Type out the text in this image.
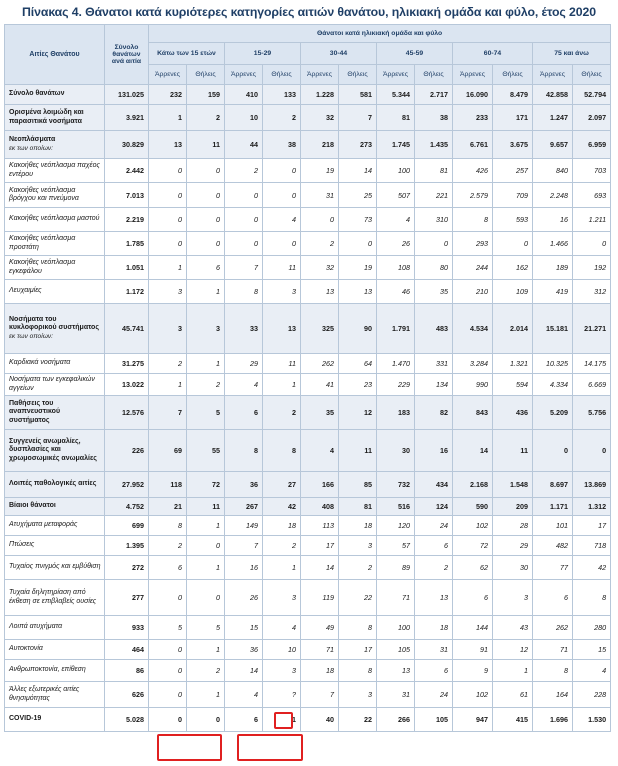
Πίνακας 4. Θάνατοι κατά κυριότερες κατηγορίες αιτιών θανάτου, ηλικιακή ομάδα και φύλο, έτος 2020
Αιτίες Θανάτου	Σύνολο θανάτων ανά αιτία	Θάνατοι κατά ηλικιακή ομάδα και φύλο											
		Κάτω των 15 ετών		15-29		30-44		45-59		60-74		75 και άνω	
		Άρρενες	Θήλεις	Άρρενες	Θήλεις	Άρρενες	Θήλεις	Άρρενες	Θήλεις	Άρρενες	Θήλεις	Άρρενες	Θήλεις

Σύνολο θανάτων	131.025	232	159	410	133	1.228	581	5.344	2.717	16.090	8.479	42.858	52.794

Ορισμένα λοιμώδη και παρασιτικά νοσήματα	3.921	1	2	10	2	32	7	81	38	233	171	1.247	2.097

Νεοπλάσματα
εκ των οποίων:	30.829	13	11	44	38	218	273	1.745	1.435	6.761	3.675	9.657	6.959

Κακοήθες νεόπλασμα παχέος εντέρου	2.442	0	0	2	0	19	14	100	81	426	257	840	703

Κακοήθες νεόπλασμα βρόγχου και πνεύμονα	7.013	0	0	0	0	31	25	507	221	2.579	709	2.248	693

Κακοήθες νεόπλασμα μαστού	2.219	0	0	0	4	0	73	4	310	8	593	16	1.211

Κακοήθες νεόπλασμα προστάτη	1.785	0	0	0	0	2	0	26	0	293	0	1.466	0

Κακοήθες νεόπλασμα εγκεφάλου	1.051	1	6	7	11	32	19	108	80	244	162	189	192

Λευχαιμίες	1.172	3	1	8	3	13	13	46	35	210	109	419	312

Νοσήματα του κυκλοφορικού συστήματος
εκ των οποίων:	45.741	3	3	33	13	325	90	1.791	483	4.534	2.014	15.181	21.271

Καρδιακά νοσήματα	31.275	2	1	29	11	262	64	1.470	331	3.284	1.321	10.325	14.175

Νοσήματα των εγκεφαλικών αγγείων	13.022	1	2	4	1	41	23	229	134	990	594	4.334	6.669

Παθήσεις του αναπνευστικού συστήματος	12.576	7	5	6	2	35	12	183	82	843	436	5.209	5.756

Συγγενείς ανωμαλίες, δυσπλασίες και χρωμοσωμικές ανωμαλίες	226	69	55	8	8	4	11	30	16	14	11	0	0

Λοιπές παθολογικές αιτίες	27.952	118	72	36	27	166	85	732	434	2.168	1.548	8.697	13.869

Βίαιοι θάνατοι	4.752	21	11	267	42	408	81	516	124	590	209	1.171	1.312

Ατυχήματα μεταφοράς	699	8	1	149	18	113	18	120	24	102	28	101	17

Πτώσεις	1.395	2	0	7	2	17	3	57	6	72	29	482	718

Τυχαίος πνιγμός και εμβύθιση	272	6	1	16	1	14	2	89	2	62	30	77	42

Τυχαία δηλητηρίαση από έκθεση σε επιβλαβείς ουσίες	277	0	0	26	3	119	22	71	13	6	3	6	8

Λοιπά ατυχήματα	933	5	5	15	4	49	8	100	18	144	43	262	280

Αυτοκτονία	464	0	1	36	10	71	17	105	31	91	12	71	15

Ανθρωποκτονία, επίθεση	86	0	2	14	3	18	8	13	6	9	1	8	4

Άλλες εξωτερικές αιτίες θνησιμότητας	626	0	1	4	?	7	3	31	24	102	61	164	228

COVID-19	5.028	0	0	6	1	40	22	266	105	947	415	1.696	1.530
